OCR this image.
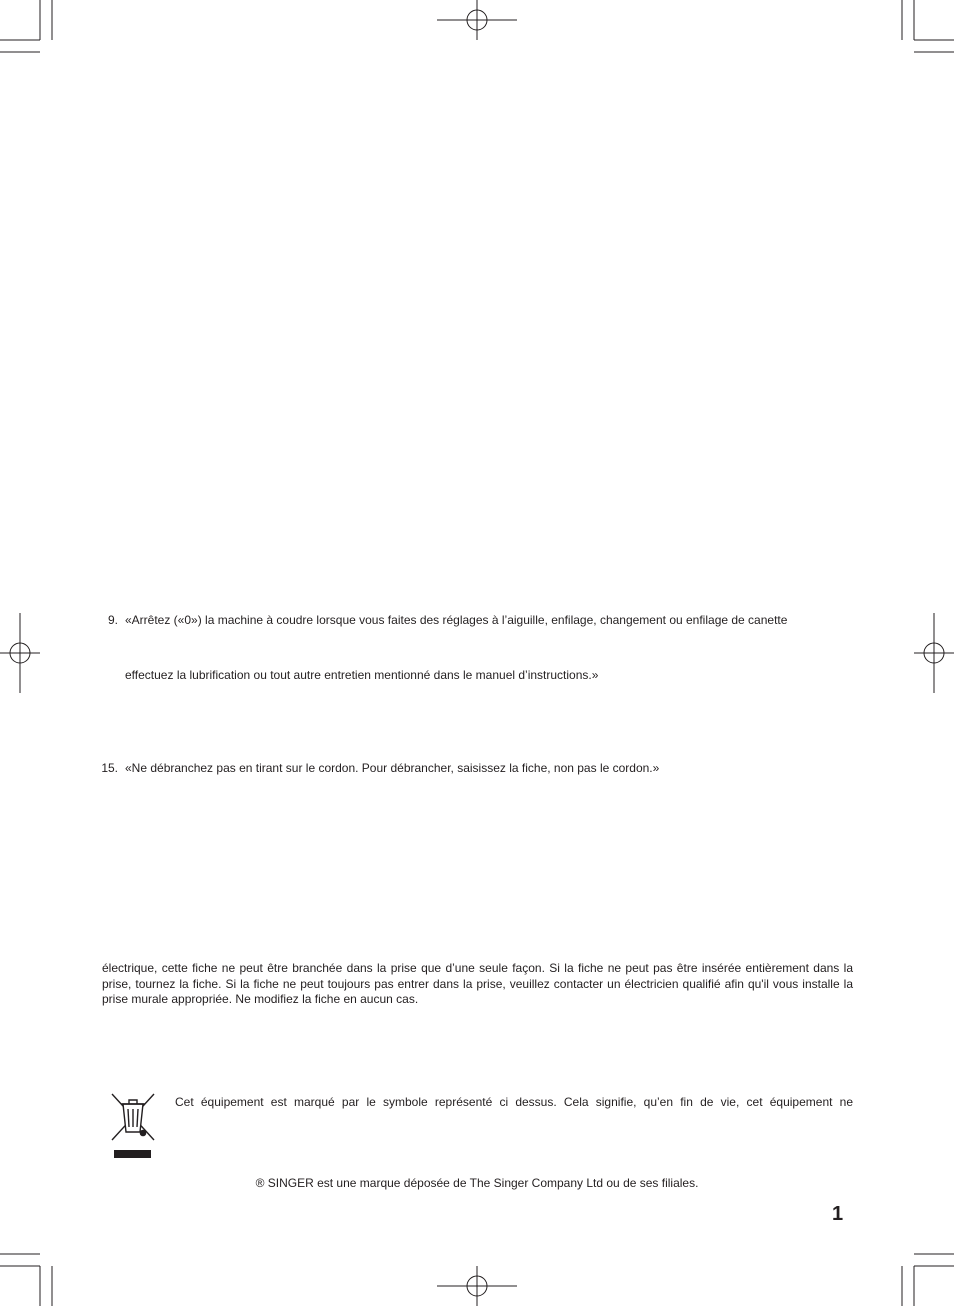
9. «Arrêtez («0») la machine à coudre lorsque vous faites des réglages à l’aiguille, enfilage, changement ou enfilage de canette
effectuez la lubrification ou tout autre entretien mentionné dans le manuel d’instructions.»
15. «Ne débranchez pas en tirant sur le cordon. Pour débrancher, saisissez la fiche, non pas le cordon.»
électrique, cette fiche ne peut être branchée dans la prise que d’une seule façon. Si la fiche ne peut pas être insérée entièrement dans la prise, tournez la fiche. Si la fiche ne peut toujours pas entrer dans la prise, veuillez contacter un électricien qualifié afin qu'il vous installe la prise murale appropriée. Ne modifiez la fiche en aucun cas.
Cet équipement est marqué par le symbole représenté ci dessus. Cela signifie, qu’en fin de vie, cet équipement ne
® SINGER est une marque déposée de The Singer Company Ltd ou de ses filiales.
1
